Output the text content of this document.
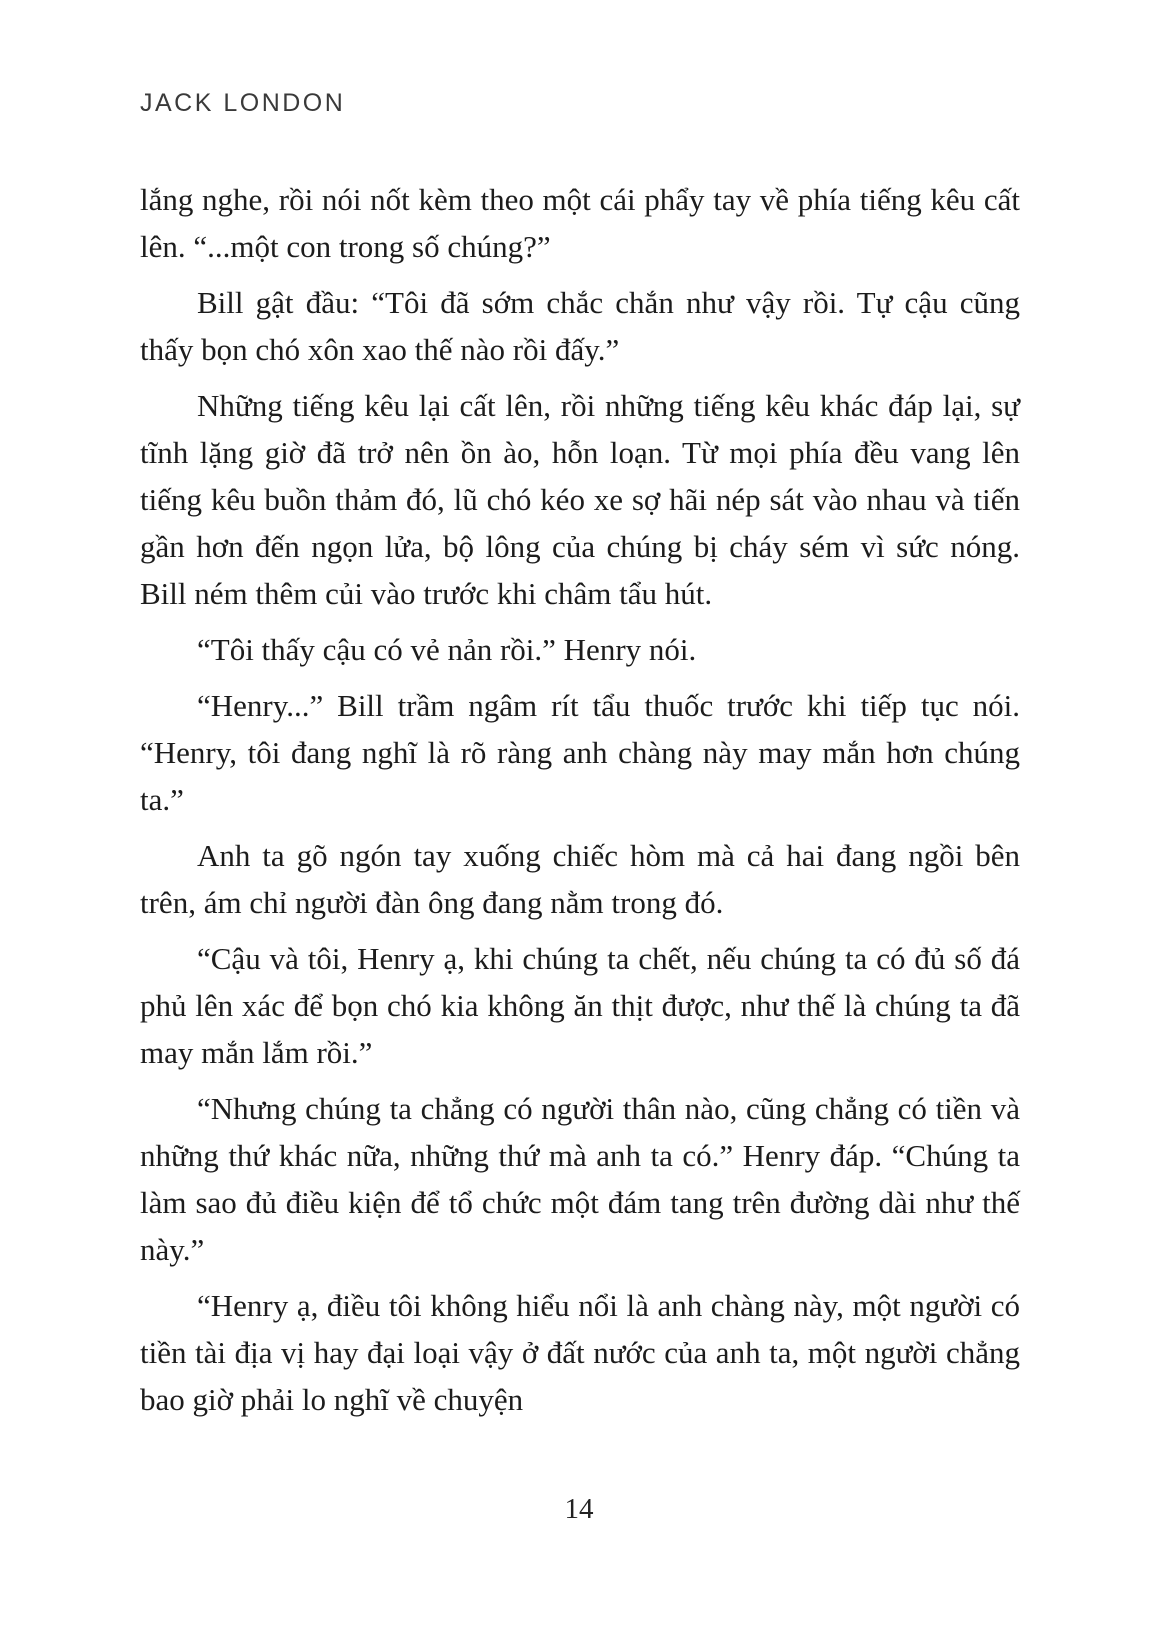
JACK LONDON

lắng nghe, rồi nói nốt kèm theo một cái phẩy tay về phía tiếng kêu cất lên. “...một con trong số chúng?”

Bill gật đầu: “Tôi đã sớm chắc chắn như vậy rồi. Tự cậu cũng thấy bọn chó xôn xao thế nào rồi đấy.”

Những tiếng kêu lại cất lên, rồi những tiếng kêu khác đáp lại, sự tĩnh lặng giờ đã trở nên ồn ào, hỗn loạn. Từ mọi phía đều vang lên tiếng kêu buồn thảm đó, lũ chó kéo xe sợ hãi nép sát vào nhau và tiến gần hơn đến ngọn lửa, bộ lông của chúng bị cháy sém vì sức nóng. Bill ném thêm củi vào trước khi châm tẩu hút.

“Tôi thấy cậu có vẻ nản rồi.” Henry nói.

“Henry...” Bill trầm ngâm rít tẩu thuốc trước khi tiếp tục nói. “Henry, tôi đang nghĩ là rõ ràng anh chàng này may mắn hơn chúng ta.”

Anh ta gõ ngón tay xuống chiếc hòm mà cả hai đang ngồi bên trên, ám chỉ người đàn ông đang nằm trong đó.

“Cậu và tôi, Henry ạ, khi chúng ta chết, nếu chúng ta có đủ số đá phủ lên xác để bọn chó kia không ăn thịt được, như thế là chúng ta đã may mắn lắm rồi.”

“Nhưng chúng ta chẳng có người thân nào, cũng chẳng có tiền và những thứ khác nữa, những thứ mà anh ta có.” Henry đáp. “Chúng ta làm sao đủ điều kiện để tổ chức một đám tang trên đường dài như thế này.”

“Henry ạ, điều tôi không hiểu nổi là anh chàng này, một người có tiền tài địa vị hay đại loại vậy ở đất nước của anh ta, một người chẳng bao giờ phải lo nghĩ về chuyện

14
